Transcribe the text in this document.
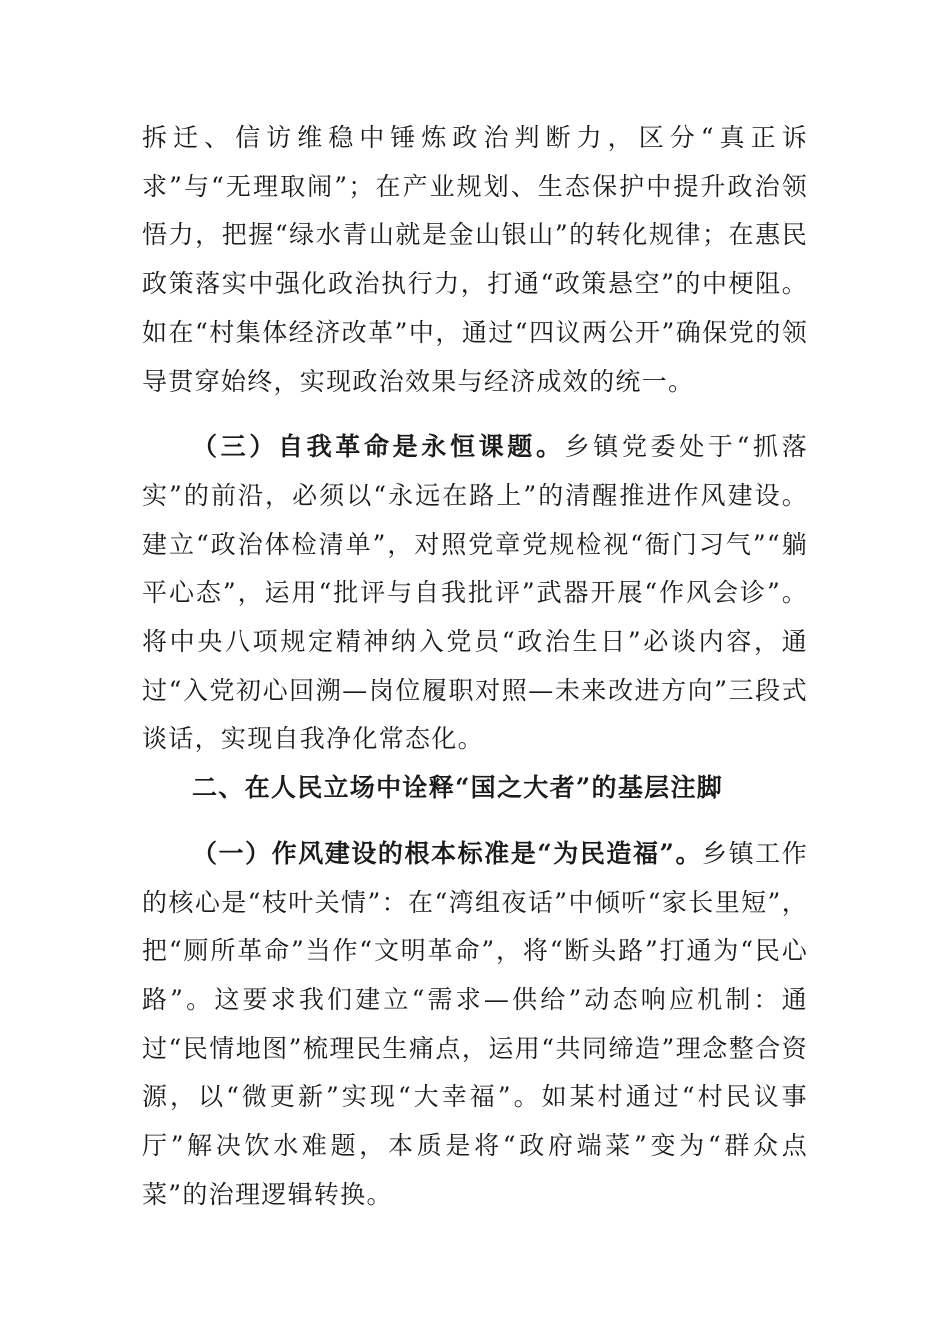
拆迁、信访维稳中锤炼政治判断力，区分“真正诉求”与“无理取闹”；在产业规划、生态保护中提升政治领悟力，把握“绿水青山就是金山银山”的转化规律；在惠民政策落实中强化政治执行力，打通“政策悬空”的中梗阻。如在“村集体经济改革”中，通过“四议两公开”确保党的领导贯穿始终，实现政治效果与经济成效的统一。

（三）自我革命是永恒课题。乡镇党委处于“抓落实”的前沿，必须以“永远在路上”的清醒推进作风建设。建立“政治体检清单”，对照党章党规检视“衙门习气”“躺平心态”，运用“批评与自我批评”武器开展“作风会诊”。将中央八项规定精神纳入党员“政治生日”必谈内容，通过“入党初心回溯—岗位履职对照—未来改进方向”三段式谈话，实现自我净化常态化。

二、在人民立场中诠释“国之大者”的基层注脚

（一）作风建设的根本标准是“为民造福”。乡镇工作的核心是“枝叶关情”：在“湾组夜话”中倾听“家长里短”，把“厕所革命”当作“文明革命”，将“断头路”打通为“民心路”。这要求我们建立“需求—供给”动态响应机制：通过“民情地图”梳理民生痛点，运用“共同缔造”理念整合资源，以“微更新”实现“大幸福”。如某村通过“村民议事厅”解决饮水难题，本质是将“政府端菜”变为“群众点菜”的治理逻辑转换。
